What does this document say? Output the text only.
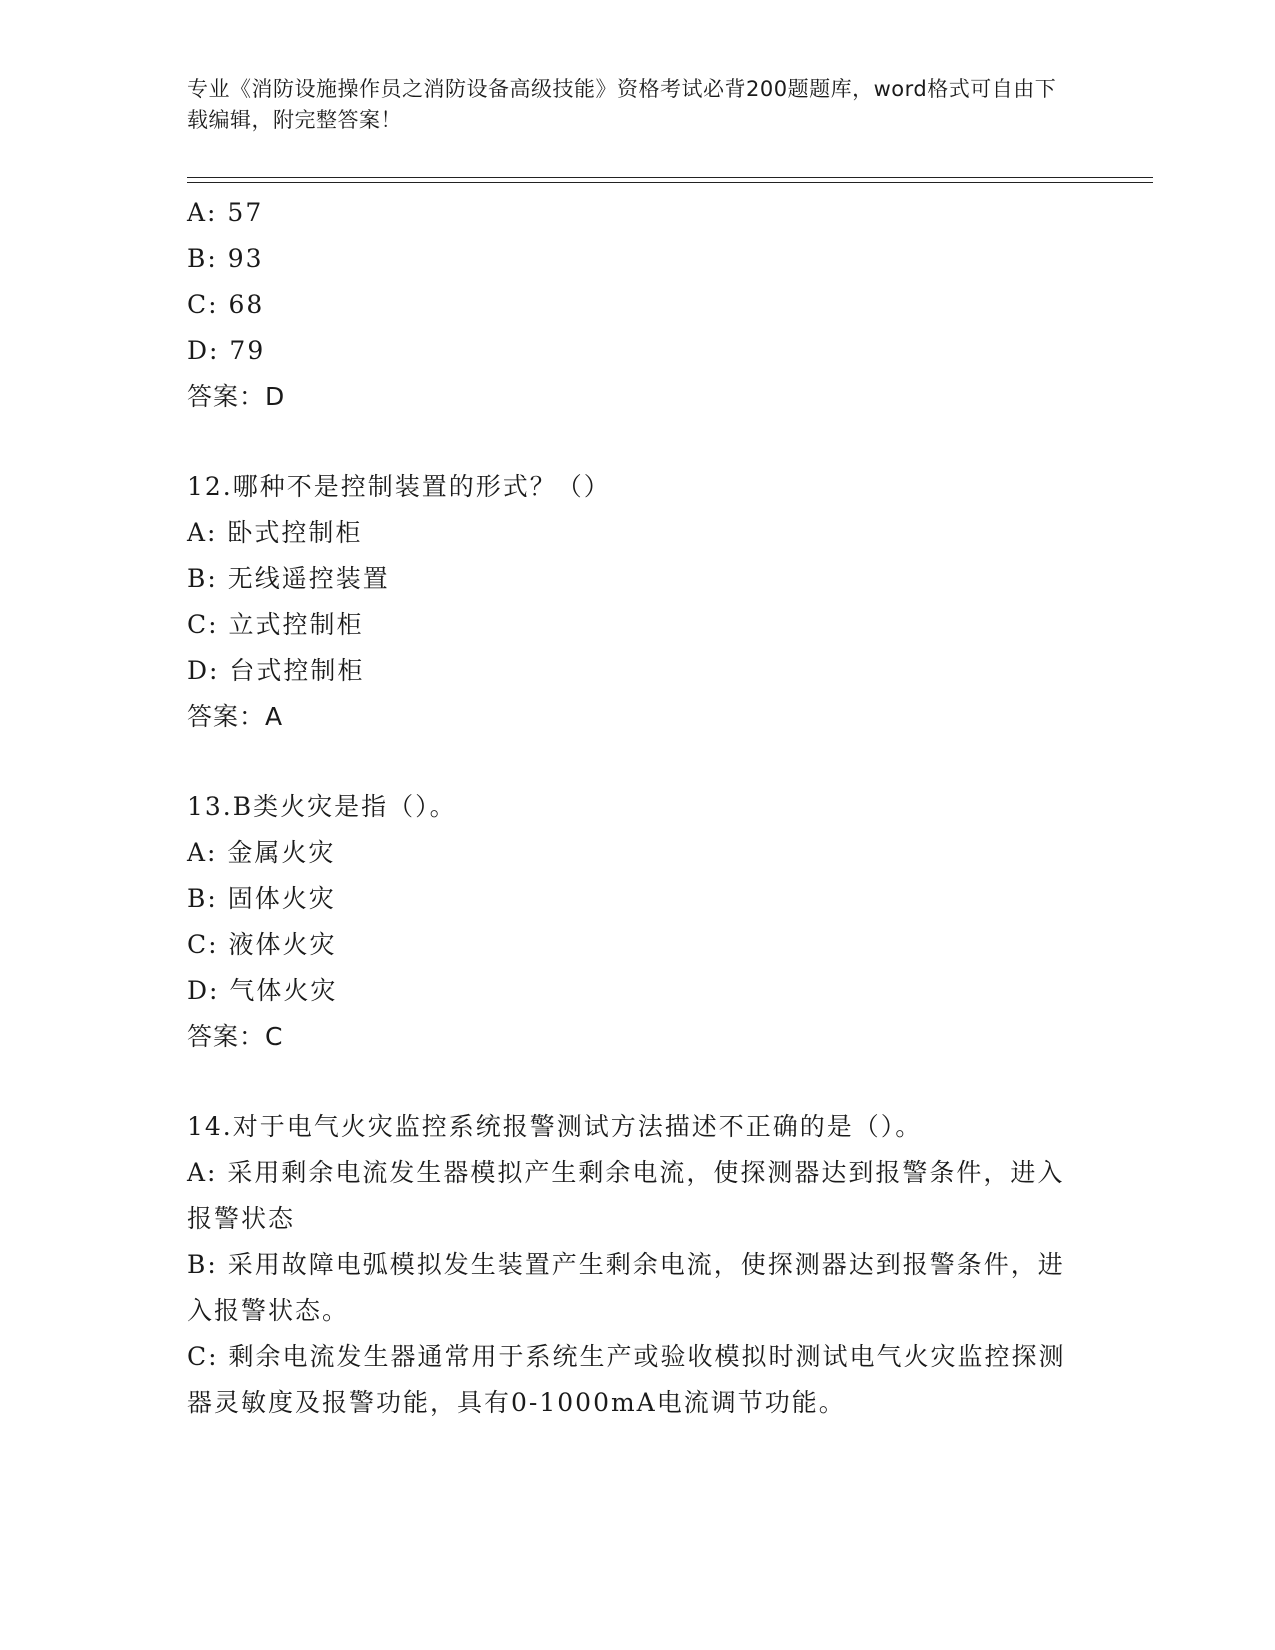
专业《消防设施操作员之消防设备高级技能》资格考试必背200题题库，word格式可自由下载编辑，附完整答案！
A: 57
B: 93
C: 68
D: 79
答案：D
12.哪种不是控制装置的形式？（）
A: 卧式控制柜
B: 无线遥控装置
C: 立式控制柜
D: 台式控制柜
答案：A
13.B类火灾是指（）。
A: 金属火灾
B: 固体火灾
C: 液体火灾
D: 气体火灾
答案：C
14.对于电气火灾监控系统报警测试方法描述不正确的是（）。
A: 采用剩余电流发生器模拟产生剩余电流，使探测器达到报警条件，进入报警状态
B: 采用故障电弧模拟发生装置产生剩余电流，使探测器达到报警条件，进入报警状态。
C: 剩余电流发生器通常用于系统生产或验收模拟时测试电气火灾监控探测器灵敏度及报警功能，具有0-1000mA电流调节功能。
